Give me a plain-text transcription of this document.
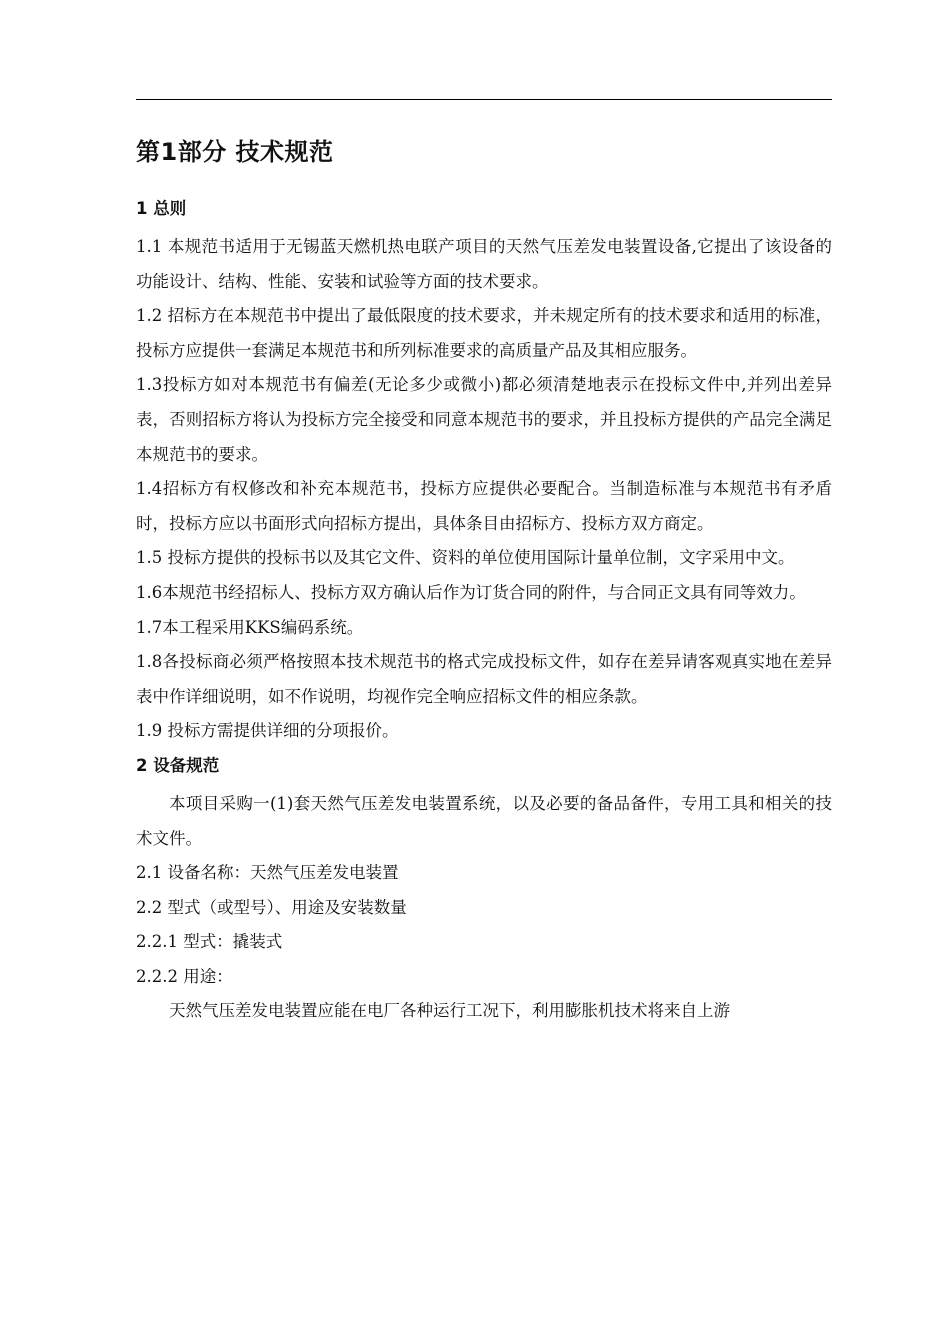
第1部分 技术规范
1 总则

1.1 本规范书适用于无锡蓝天燃机热电联产项目的天然气压差发电装置设备,它提出了该设备的功能设计、结构、性能、安装和试验等方面的技术要求。

1.2 招标方在本规范书中提出了最低限度的技术要求，并未规定所有的技术要求和适用的标准，投标方应提供一套满足本规范书和所列标准要求的高质量产品及其相应服务。

1.3投标方如对本规范书有偏差(无论多少或微小)都必须清楚地表示在投标文件中,并列出差异表，否则招标方将认为投标方完全接受和同意本规范书的要求，并且投标方提供的产品完全满足本规范书的要求。

1.4招标方有权修改和补充本规范书，投标方应提供必要配合。当制造标准与本规范书有矛盾时，投标方应以书面形式向招标方提出，具体条目由招标方、投标方双方商定。

1.5 投标方提供的投标书以及其它文件、资料的单位使用国际计量单位制，文字采用中文。

1.6本规范书经招标人、投标方双方确认后作为订货合同的附件，与合同正文具有同等效力。

1.7本工程采用KKS编码系统。

1.8各投标商必须严格按照本技术规范书的格式完成投标文件，如存在差异请客观真实地在差异表中作详细说明，如不作说明，均视作完全响应招标文件的相应条款。

1.9 投标方需提供详细的分项报价。

2 设备规范

本项目采购一(1)套天然气压差发电装置系统，以及必要的备品备件，专用工具和相关的技术文件。

2.1 设备名称：天然气压差发电装置

2.2 型式（或型号）、用途及安装数量

2.2.1 型式：撬装式

2.2.2 用途：

天然气压差发电装置应能在电厂各种运行工况下，利用膨胀机技术将来自上游
